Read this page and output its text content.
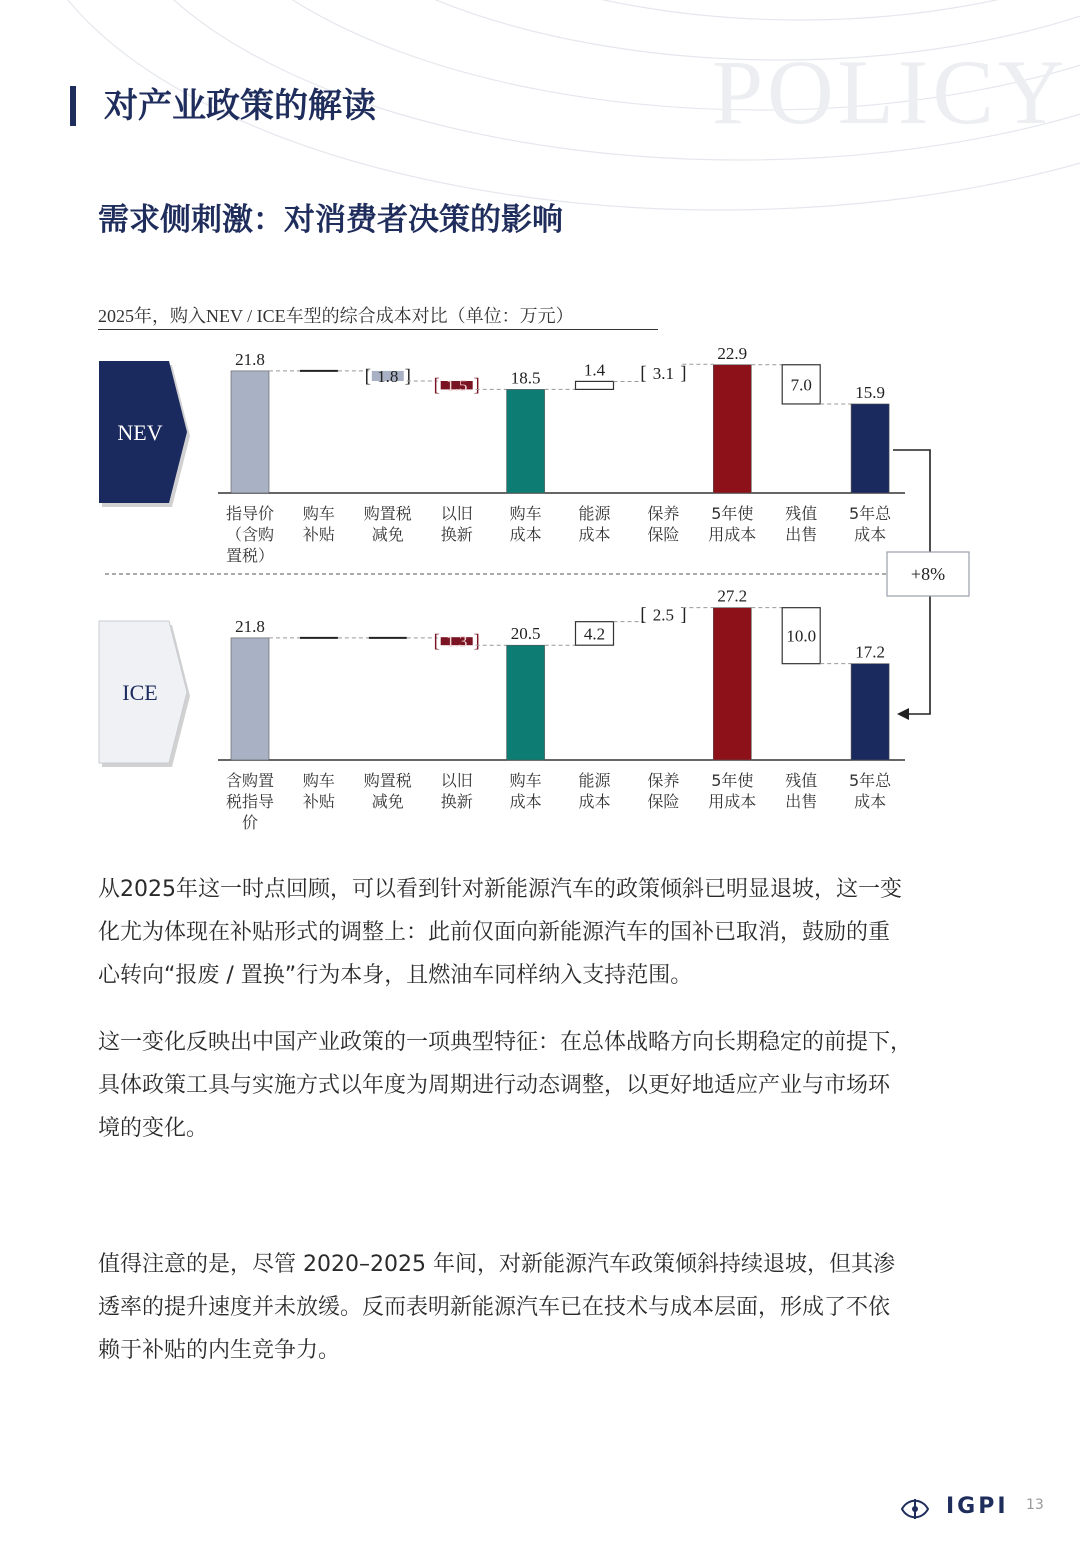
POLICY
对产业政策的解读
需求侧刺激：对消费者决策的影响
2025年，购入NEV / ICE车型的综合成本对比（单位：万元）
NEV
21.8
[ ]
1.8 [ ]
1.5	18.5	1.4 [ ]
3.1
22.9
7.0	15.9
指导价
（含购
置税）
购车
补贴
购置税
减免
以旧
换新
购车
成本
能源
成本
保养
保险
5年使
用成本
残值
出售
5年总
成本
ICE
21.8
[ ]
1.3	20.5	4.2
[ ]
2.5
27.2
10.0
17.2
含购置
税指导
价
购车
补贴
购置税
减免
以旧
换新
购车
成本
能源
成本
保养
保险
5年使
用成本
残值
出售
5年总
成本
+8%
从2025年这一时点回顾，可以看到针对新能源汽车的政策倾斜已明显退坡，这一变
化尤为体现在补贴形式的调整上：此前仅面向新能源汽车的国补已取消，鼓励的重
心转向“报废 / 置换”行为本身，且燃油车同样纳入支持范围。
这一变化反映出中国产业政策的一项典型特征：在总体战略方向长期稳定的前提下，
具体政策工具与实施方式以年度为周期进行动态调整，以更好地适应产业与市场环
境的变化。
值得注意的是，尽管 2020–2025 年间，对新能源汽车政策倾斜持续退坡，但其渗
透率的提升速度并未放缓。反而表明新能源汽车已在技术与成本层面，形成了不依
赖于补贴的内生竞争力。
IGPI 13
